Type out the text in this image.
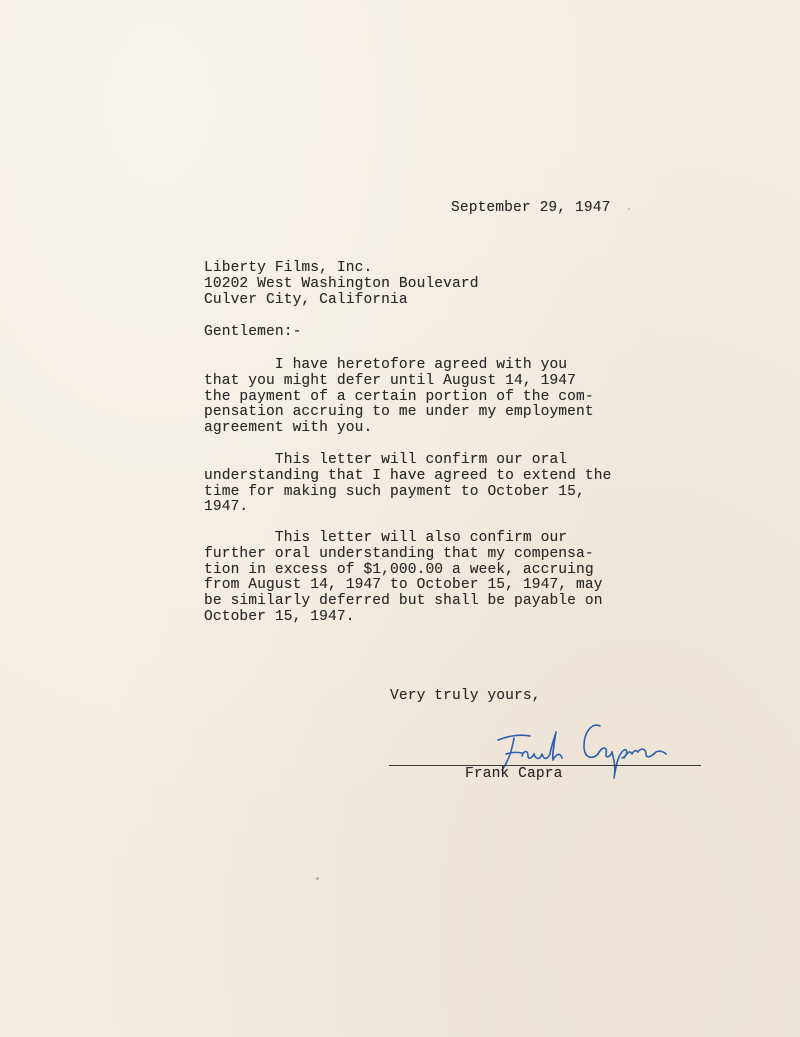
September 29, 1947
Liberty Films, Inc.
10202 West Washington Boulevard
Culver City, California
Gentlemen:-
I have heretofore agreed with you
that you might defer until August 14, 1947
the payment of a certain portion of the com-
pensation accruing to me under my employment
agreement with you.
This letter will confirm our oral
understanding that I have agreed to extend the
time for making such payment to October 15,
1947.
This letter will also confirm our
further oral understanding that my compensa-
tion in excess of $1,000.00 a week, accruing
from August 14, 1947 to October 15, 1947, may
be similarly deferred but shall be payable on
October 15, 1947.
Very truly yours,
Frank Capra
